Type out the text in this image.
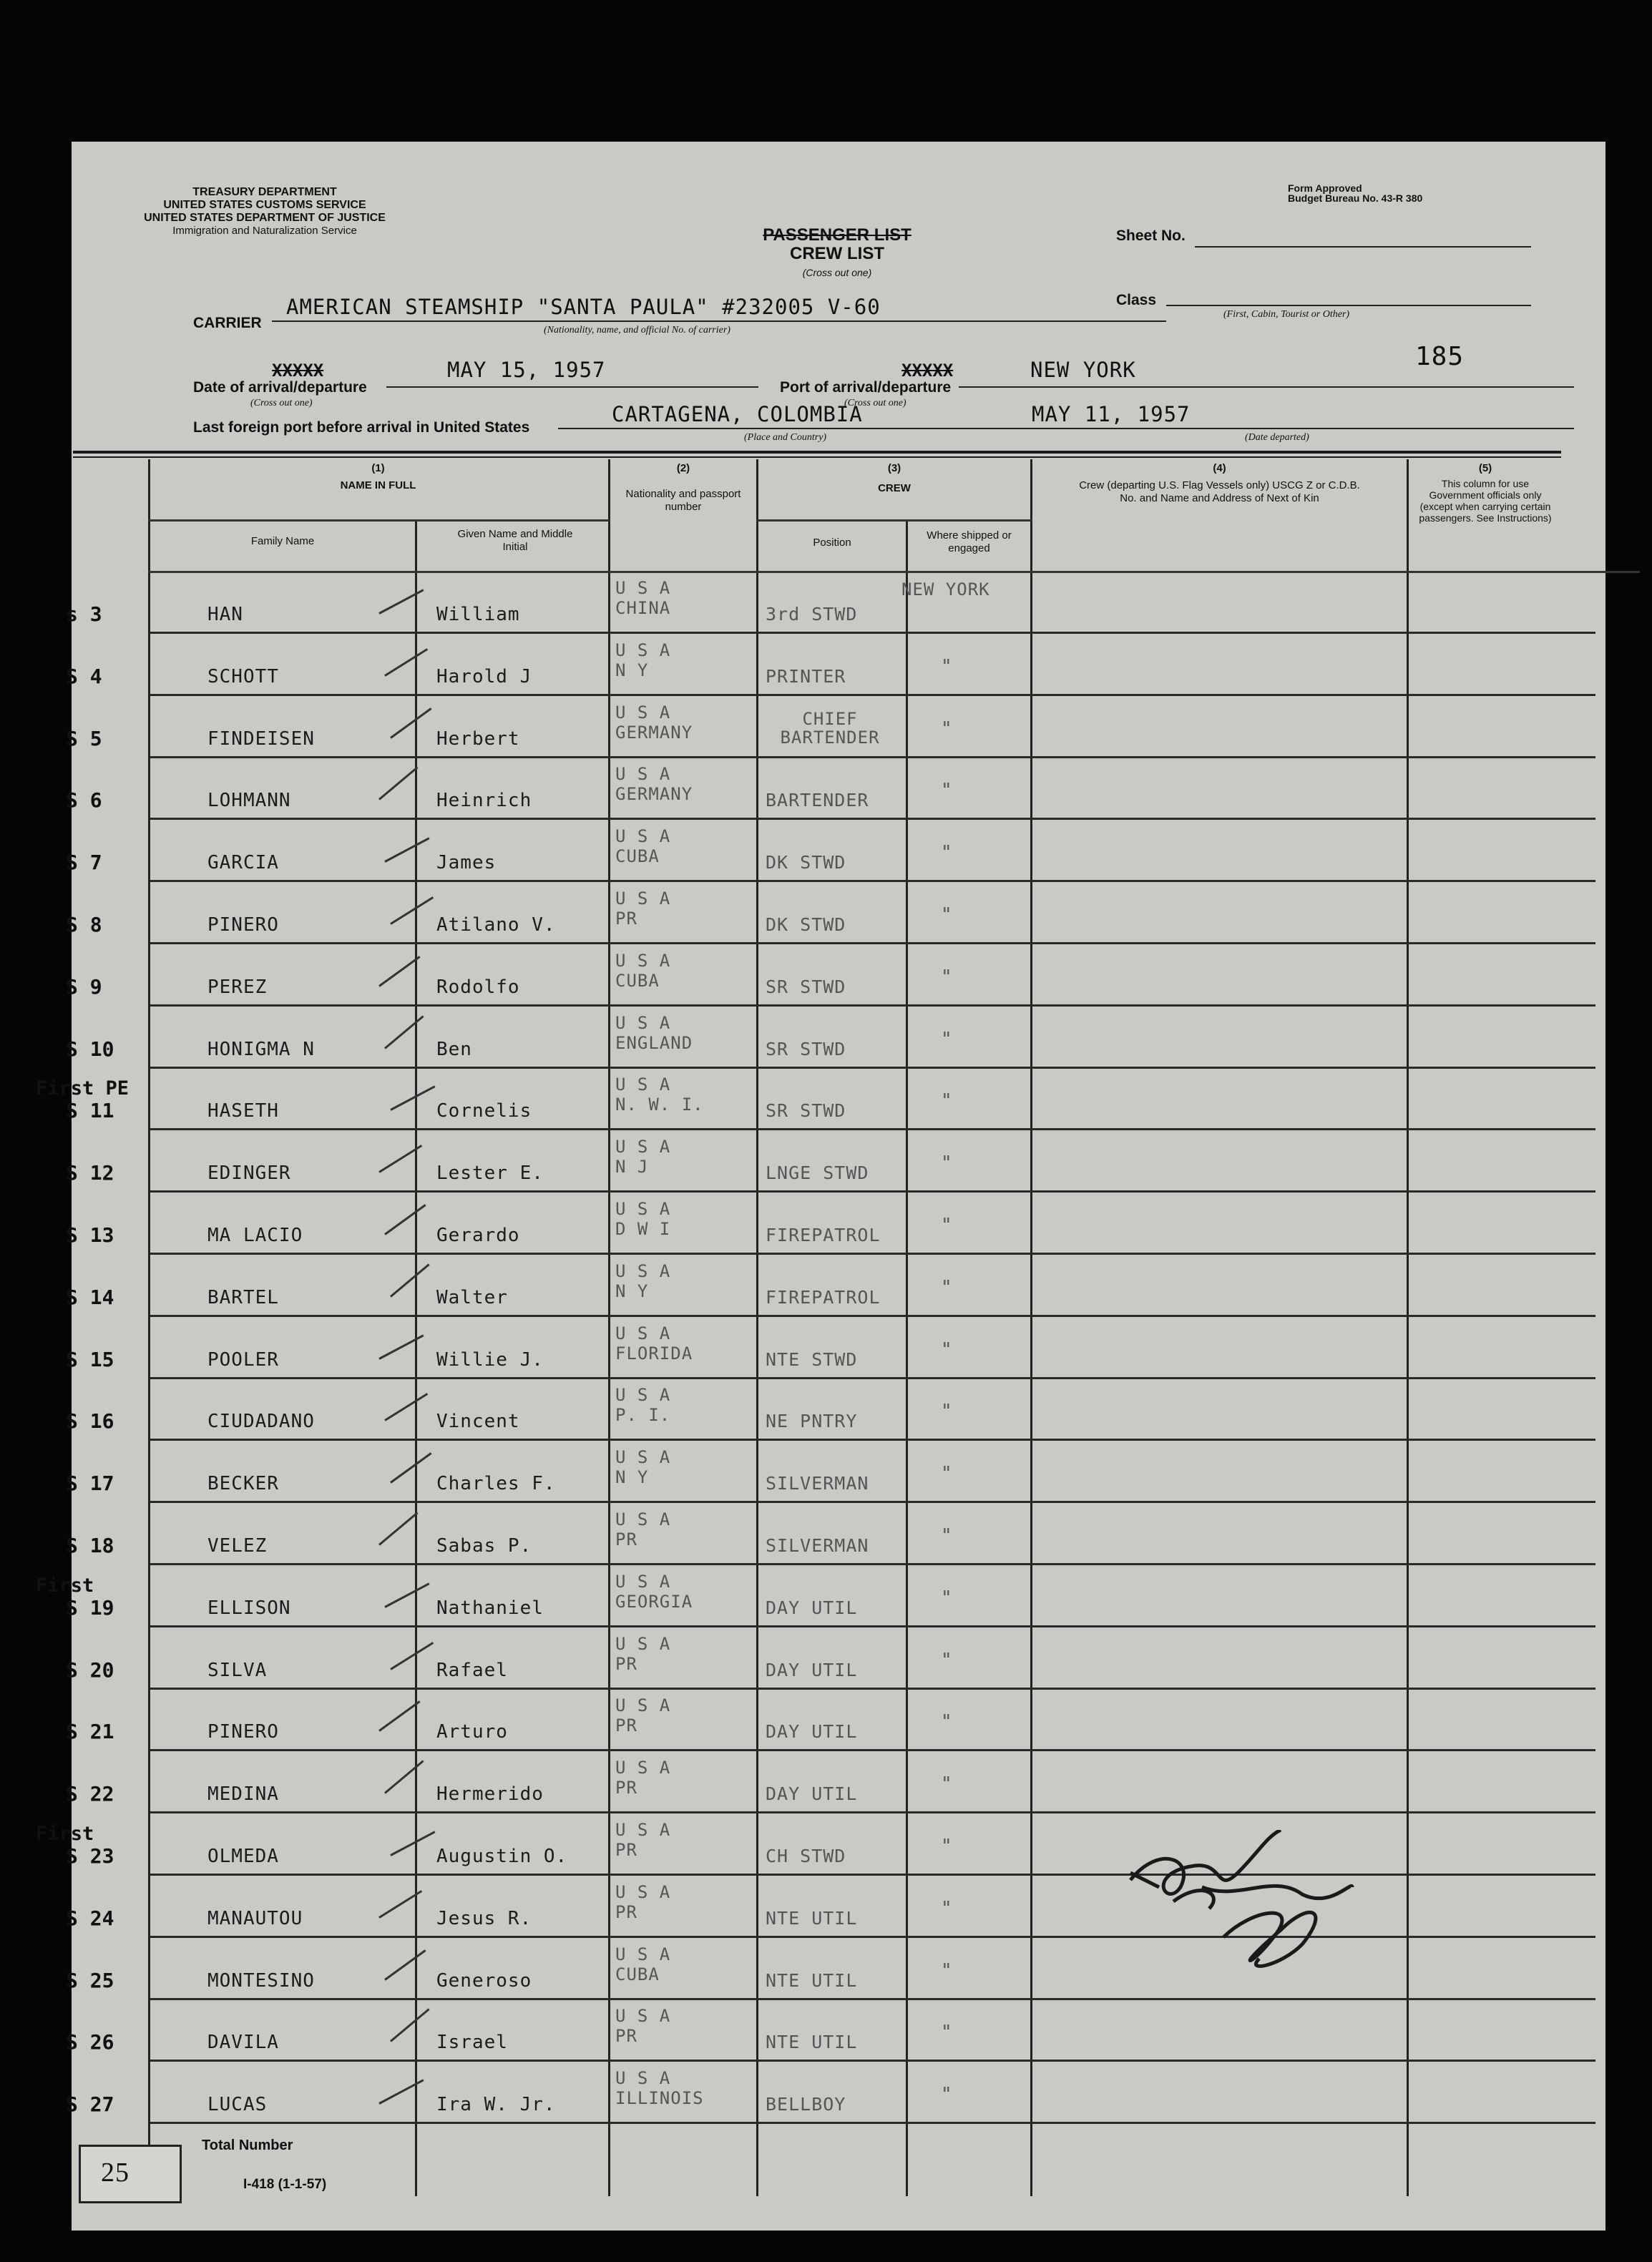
TREASURY DEPARTMENT
UNITED STATES CUSTOMS SERVICE
UNITED STATES DEPARTMENT OF JUSTICE
Immigration and Naturalization Service
Form Approved
Budget Bureau No. 43-R 380
PASSENGER LIST
CREW LIST
(Cross out one)
Sheet No.
Class
(First, Cabin, Tourist or Other)
CARRIER
AMERICAN STEAMSHIP "SANTA PAULA" #232005 V-60
(Nationality, name, and official No. of carrier)
Date of arrival/departure
(Cross out one)
XXXXX	MAY 15, 1957
Port of arrival/departure
(Cross out one)
XXXXX	NEW YORK	185
Last foreign port before arrival in United States
CARTAGENA, COLOMBIA	MAY 11, 1957
(Place and Country)	(Date departed)
(1)
NAME IN FULL
Family Name
Given Name and Middle Initial
(2)
Nationality and passport number
(3)
CREW
Position
Where shipped or engaged
(4)
Crew (departing U.S. Flag Vessels only) USCG Z or C.D.B. No. and Name and Address of Next of Kin
(5)
This column for use Government officials only (except when carrying certain passengers. See Instructions)
s 3	HAN	William
U S A
CHINA	3rd STWD
NEW YORK
S 4	SCHOTT	Harold J
U S A
N Y	PRINTER	"
S 5	FINDEISEN	Herbert
U S A
GERMANY
CHIEF BARTENDER	"
S 6	LOHMANN	Heinrich
U S A
GERMANY	BARTENDER	"
S 7	GARCIA	James
U S A
CUBA	DK STWD	"
S 8	PINERO	Atilano V.
U S A
PR	DK STWD	"
S 9	PEREZ	Rodolfo
U S A
CUBA	SR STWD	"
S 10	HONIGMA N	Ben
U S A
ENGLAND	SR STWD	"
First PE
S 11	HASETH	Cornelis
U S A
N. W. I.	SR STWD	"
S 12	EDINGER	Lester E.
U S A
N J	LNGE STWD	"
S 13	MA LACIO	Gerardo
U S A
D W I	FIREPATROL	"
S 14	BARTEL	Walter
U S A
N Y	FIREPATROL	"
S 15	POOLER	Willie J.
U S A
FLORIDA	NTE STWD	"
S 16	CIUDADANO	Vincent
U S A
P. I.	NE PNTRY	"
S 17	BECKER	Charles F.
U S A
N Y	SILVERMAN	"
S 18	VELEZ	Sabas P.
U S A
PR	SILVERMAN	"
First
S 19	ELLISON	Nathaniel
U S A
GEORGIA	DAY UTIL	"
S 20	SILVA	Rafael
U S A
PR	DAY UTIL	"
S 21	PINERO	Arturo
U S A
PR	DAY UTIL	"
S 22	MEDINA	Hermerido
U S A
PR	DAY UTIL	"
First
S 23	OLMEDA	Augustin O.
U S A
PR	CH STWD	"
S 24	MANAUTOU	Jesus R.
U S A
PR	NTE UTIL	"
S 25	MONTESINO	Generoso
U S A
CUBA	NTE UTIL	"
S 26	DAVILA	Israel
U S A
PR	NTE UTIL	"
S 27	LUCAS	Ira W. Jr.
U S A
ILLINOIS	BELLBOY	"
25
Total Number
I-418 (1-1-57)
